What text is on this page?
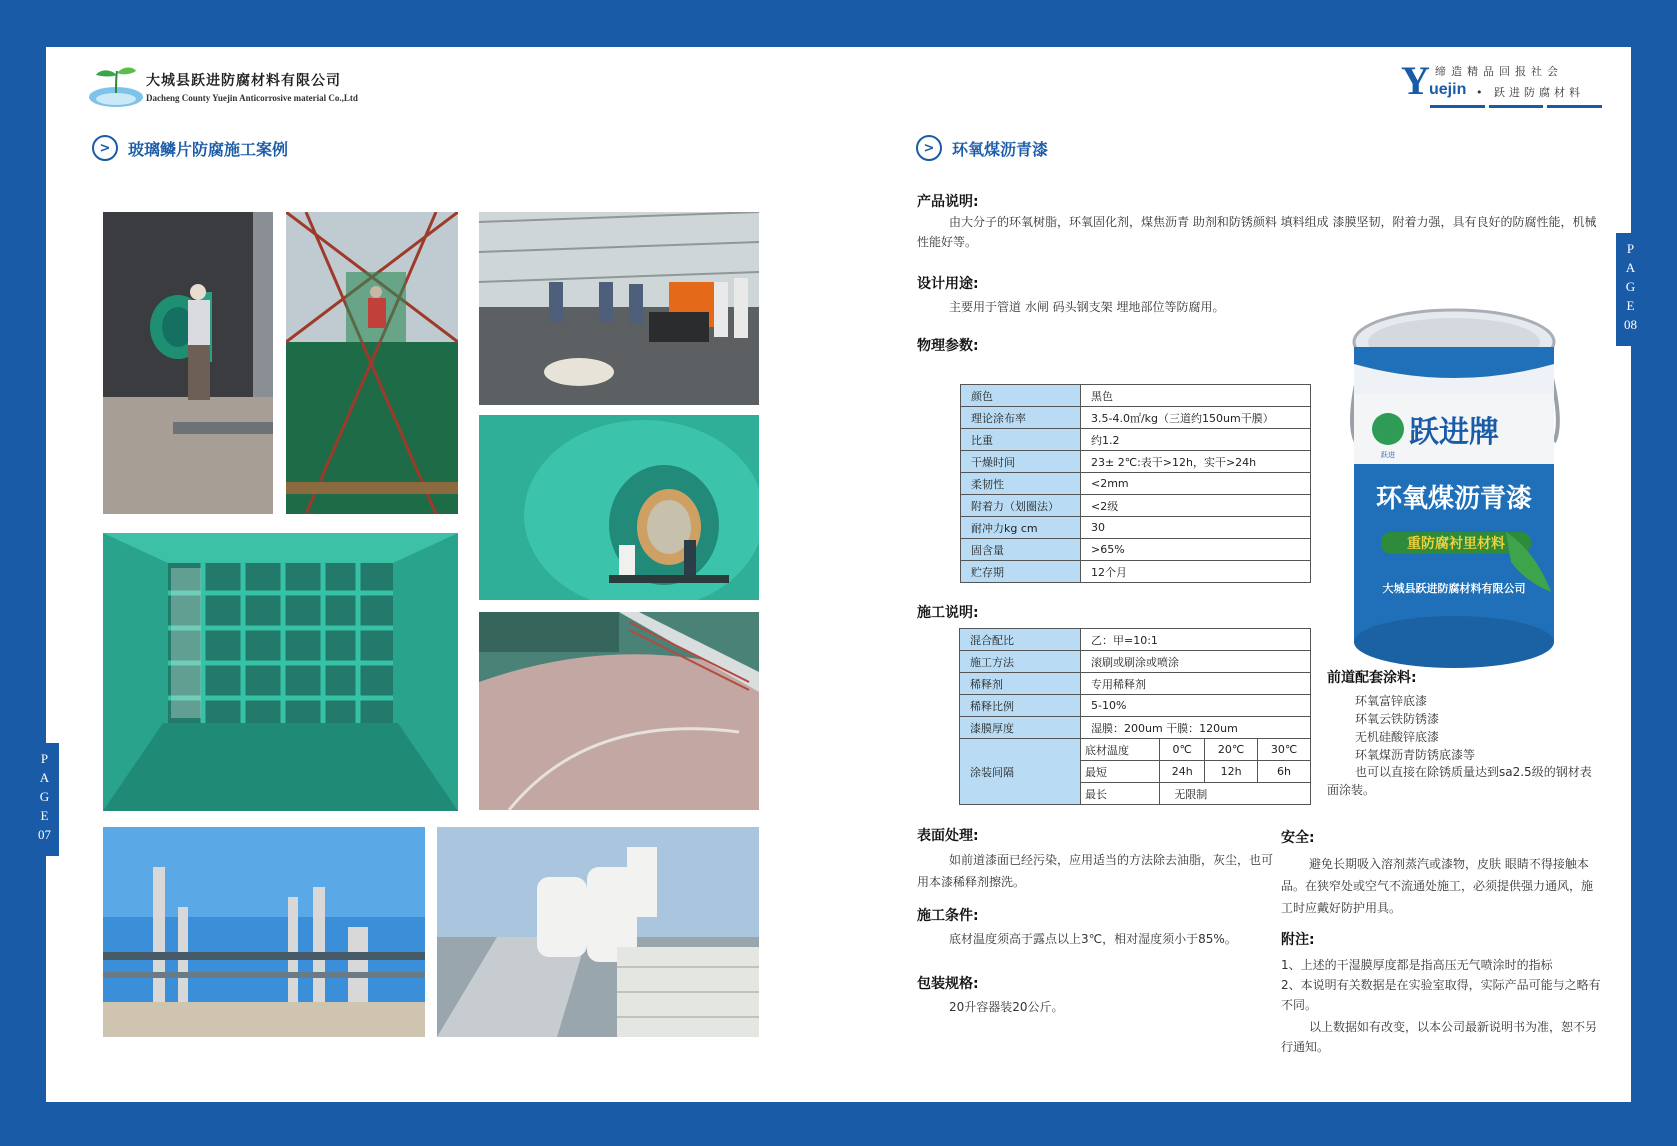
大城县跃进防腐材料有限公司
Dacheng County Yuejin Anticorrosive material Co.,Ltd	Y uejin
缔造精品回报社会
• 跃进防腐材料
>	玻璃鳞片防腐施工案例	>	环氧煤沥青漆
P
A
G
E
07
P
A
G
E
08
产品说明:
由大分子的环氧树脂，环氧固化剂，煤焦沥青 助剂和防锈颜料 填料组成 漆膜坚韧，附着力强，具有良好的防腐性能，机械性能好等。
设计用途:
主要用于管道 水闸 码头钢支架 埋地部位等防腐用。
物理参数:
颜色	黑色
理论涂布率	3.5-4.0㎡/kg（三道约150um干膜）
比重	约1.2
干燥时间	23± 2℃:表干>12h，实干>24h
柔韧性	<2mm
附着力（划圈法）	<2级
耐冲力kg cm	30
固含量	>65%
贮存期	12个月
施工说明:
混合配比	乙：甲=10:1			
施工方法	滚刷或刷涂或喷涂			
稀释剂	专用稀释剂			
稀释比例	5-10%			
漆膜厚度	湿膜：200um 干膜：120um			
涂装间隔	底材温度	0℃	20℃	30℃
	最短	24h	12h	6h
	最长	无限制		
跃进牌
跃进
环氧煤沥青漆
重防腐衬里材料
大城县跃进防腐材料有限公司
前道配套涂料:
环氧富锌底漆
环氧云铁防锈漆
无机硅酸锌底漆
环氧煤沥青防锈底漆等
也可以直接在除锈质量达到sa2.5级的钢材表面涂装。
表面处理:
如前道漆面已经污染，应用适当的方法除去油脂，灰尘，也可用本漆稀释剂擦洗。
施工条件:
底材温度须高于露点以上3℃，相对湿度须小于85%。
包装规格:
20升容器装20公斤。
安全:
避免长期吸入溶剂蒸汽或漆物，皮肤 眼睛不得接触本品。在狭窄处或空气不流通处施工，必须提供强力通风，施工时应戴好防护用具。
附注:
1、上述的干湿膜厚度都是指高压无气喷涂时的指标
2、本说明有关数据是在实验室取得，实际产品可能与之略有不同。
以上数据如有改变，以本公司最新说明书为准，恕不另行通知。
